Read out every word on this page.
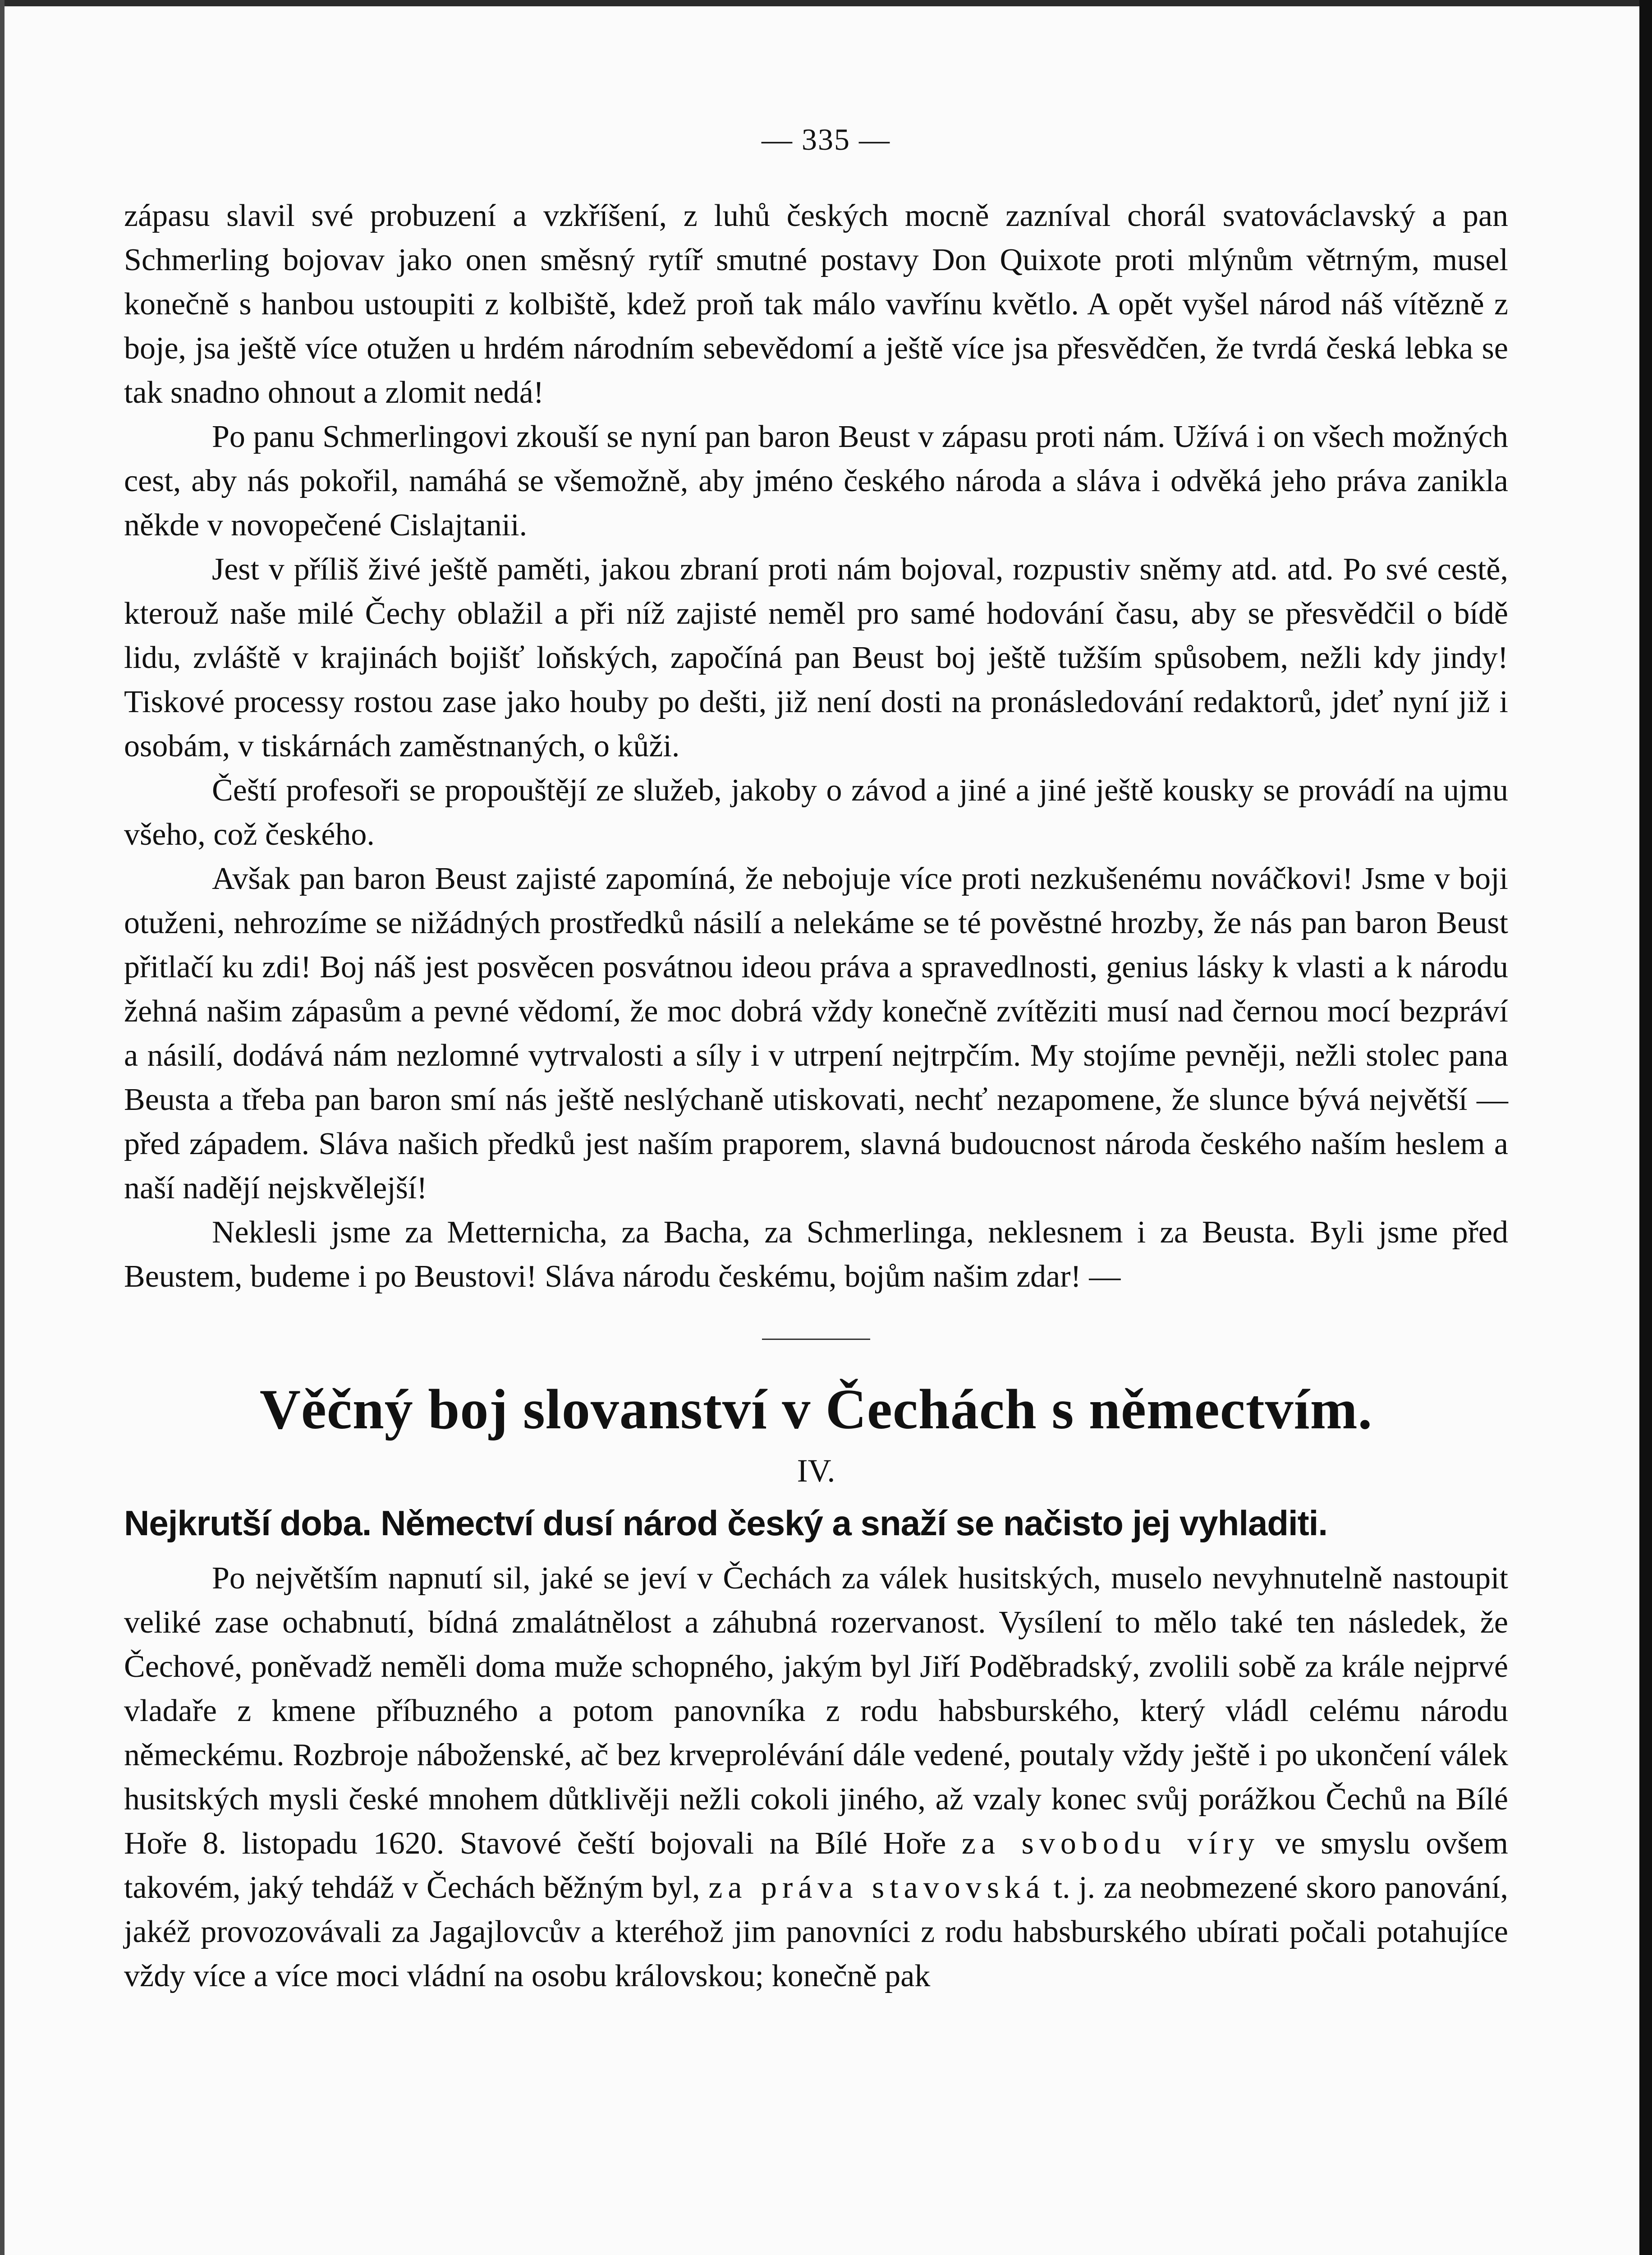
— 335 —

zápasu slavil své probuzení a vzkříšení, z luhů českých mocně zazníval chorál svatováclavský a pan Schmerling bojovav jako onen směsný rytíř smutné postavy Don Quixote proti mlýnům větrným, musel konečně s hanbou ustoupiti z kolbiště, kdež proň tak málo vavřínu květlo. A opět vyšel národ náš vítězně z boje, jsa ještě více otužen u hrdém národním sebevědomí a ještě více jsa přesvědčen, že tvrdá česká lebka se tak snadno ohnout a zlomit nedá!

Po panu Schmerlingovi zkouší se nyní pan baron Beust v zápasu proti nám. Užívá i on všech možných cest, aby nás pokořil, namáhá se všemožně, aby jméno českého národa a sláva i odvěká jeho práva zanikla někde v novopečené Cislajtanii.

Jest v příliš živé ještě paměti, jakou zbraní proti nám bojoval, rozpustiv sněmy atd. atd. Po své cestě, kterouž naše milé Čechy oblažil a při níž zajisté neměl pro samé hodování času, aby se přesvědčil o bídě lidu, zvláště v krajinách bojišť loňských, započíná pan Beust boj ještě tužším spůsobem, nežli kdy jindy! Tiskové processy rostou zase jako houby po dešti, již není dosti na pronásledování redaktorů, jdeť nyní již i osobám, v tiskárnách zaměstnaných, o kůži.

Čeští profesoři se propouštějí ze služeb, jakoby o závod a jiné a jiné ještě kousky se provádí na ujmu všeho, což českého.

Avšak pan baron Beust zajisté zapomíná, že nebojuje více proti nezkušenému nováčkovi! Jsme v boji otuženi, nehrozíme se nižádných prostředků násilí a nelekáme se té pověstné hrozby, že nás pan baron Beust přitlačí ku zdi! Boj náš jest posvěcen posvátnou ideou práva a spravedlnosti, genius lásky k vlasti a k národu žehná našim zápasům a pevné vědomí, že moc dobrá vždy konečně zvítěziti musí nad černou mocí bezpráví a násilí, dodává nám nezlomné vytrvalosti a síly i v utrpení nejtrpčím. My stojíme pevněji, nežli stolec pana Beusta a třeba pan baron smí nás ještě neslýchaně utiskovati, nechť nezapomene, že slunce bývá největší — před západem. Sláva našich předků jest naším praporem, slavná budoucnost národa českého naším heslem a naší nadějí nejskvělejší!

Neklesli jsme za Metternicha, za Bacha, za Schmerlinga, neklesnem i za Beusta. Byli jsme před Beustem, budeme i po Beustovi! Sláva národu českému, bojům našim zdar! —

Věčný boj slovanství v Čechách s němectvím.
IV.
Nejkrutší doba. Němectví dusí národ český a snaží se načisto jej vyhladiti.

Po největším napnutí sil, jaké se jeví v Čechách za válek husitských, muselo nevyhnutelně nastoupit veliké zase ochabnutí, bídná zmalátnělost a záhubná rozervanost. Vysílení to mělo také ten následek, že Čechové, poněvadž neměli doma muže schopného, jakým byl Jiří Poděbradský, zvolili sobě za krále nejprvé vladaře z kmene příbuzného a potom panovníka z rodu habsburského, který vládl celému národu německému. Rozbroje náboženské, ač bez krveprolévání dále vedené, poutaly vždy ještě i po ukončení válek husitských mysli české mnohem důtklivěji nežli cokoli jiného, až vzaly konec svůj porážkou Čechů na Bílé Hoře 8. listopadu 1620. Stavové čeští bojovali na Bílé Hoře za svobodu víry ve smyslu ovšem takovém, jaký tehdáž v Čechách běžným byl, za práva stavovská t. j. za neobmezené skoro panování, jakéž provozovávali za Jagajlovcův a kteréhož jim panovníci z rodu habsburského ubírati počali potahujíce vždy více a více moci vládní na osobu královskou; konečně pak
